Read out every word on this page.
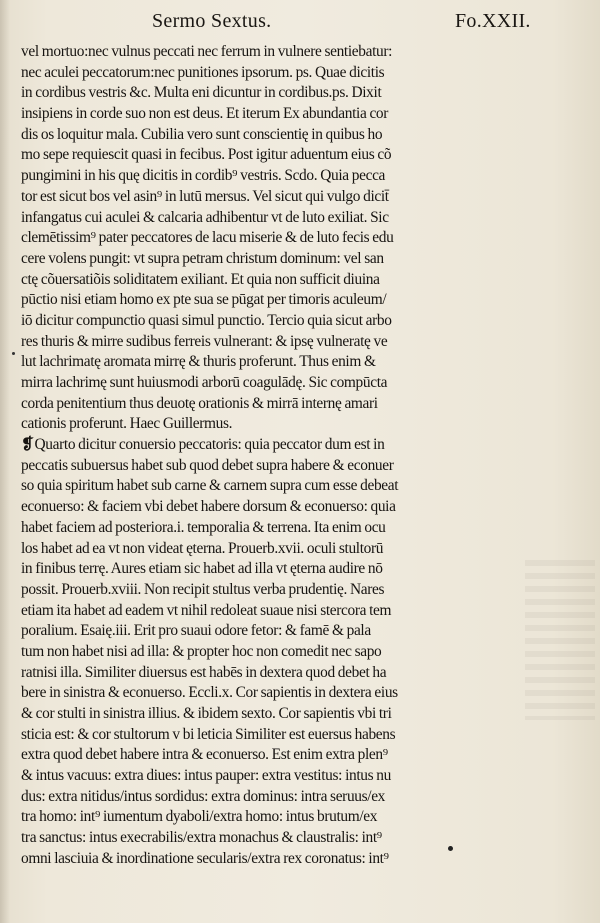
Sermo Sextus.	Fo.XXII.
vel mortuo:nec vulnus peccati nec ferrum in vulnere sentiebatur:
nec aculei peccatorum:nec punitiones ipsorum. ps. Quae dicitis
in cordibus vestris &c. Multa eni dicuntur in cordibus.ps. Dixit
insipiens in corde suo non est deus. Et iterum Ex abundantia cor
dis os loquitur mala. Cubilia vero sunt conscientię in quibus ho
mo sepe requiescit quasi in fecibus. Post igitur aduentum eius cõ
pungimini in his quę dicitis in cordib⁹ vestris. Scdo. Quia pecca
tor est sicut bos vel asin⁹ in lutū mersus. Vel sicut qui vulgo dicit̄
infangatus cui aculei & calcaria adhibentur vt de luto exiliat. Sic
clemētissim⁹ pater peccatores de lacu miserie & de luto fecis edu
cere volens pungit: vt supra petram christum dominum: vel san
ctę cõuersatiõis soliditatem exiliant. Et quia non sufficit diuina
pūctio nisi etiam homo ex pte sua se pūgat per timoris aculeum/
iō dicitur compunctio quasi simul punctio. Tercio quia sicut arbo
res thuris & mirre sudibus ferreis vulnerant: & ipsę vulneratę ve
lut lachrimatę aromata mirrę & thuris proferunt. Thus enim &
mirra lachrimę sunt huiusmodi arborū coagulādę. Sic compūcta
corda penitentium thus deuotę orationis & mirrā internę amari
cationis proferunt. Haec Guillermus.
❡Quarto dicitur conuersio peccatoris: quia peccator dum est in
peccatis subuersus habet sub quod debet supra habere & econuer
so quia spiritum habet sub carne & carnem supra cum esse debeat
econuerso: & faciem vbi debet habere dorsum & econuerso: quia
habet faciem ad posteriora.i. temporalia & terrena. Ita enim ocu
los habet ad ea vt non videat ęterna. Prouerb.xvii. oculi stultorū
in finibus terrę. Aures etiam sic habet ad illa vt ęterna audire nō
possit. Prouerb.xviii. Non recipit stultus verba prudentię. Nares
etiam ita habet ad eadem vt nihil redoleat suaue nisi stercora tem
poralium. Esaię.iii. Erit pro suaui odore fetor: & famē & pala
tum non habet nisi ad illa: & propter hoc non comedit nec sapo
ratnisi illa. Similiter diuersus est habēs in dextera quod debet ha
bere in sinistra & econuerso. Eccli.x. Cor sapientis in dextera eius
& cor stulti in sinistra illius. & ibidem sexto. Cor sapientis vbi tri
sticia est: & cor stultorum v bi leticia Similiter est euersus habens
extra quod debet habere intra & econuerso. Est enim extra plen⁹
& intus vacuus: extra diues: intus pauper: extra vestitus: intus nu
dus: extra nitidus/intus sordidus: extra dominus: intra seruus/ex
tra homo: int⁹ iumentum dyaboli/extra homo: intus brutum/ex
tra sanctus: intus execrabilis/extra monachus & claustralis: int⁹
omni lasciuia & inordinatione secularis/extra rex coronatus: int⁹
